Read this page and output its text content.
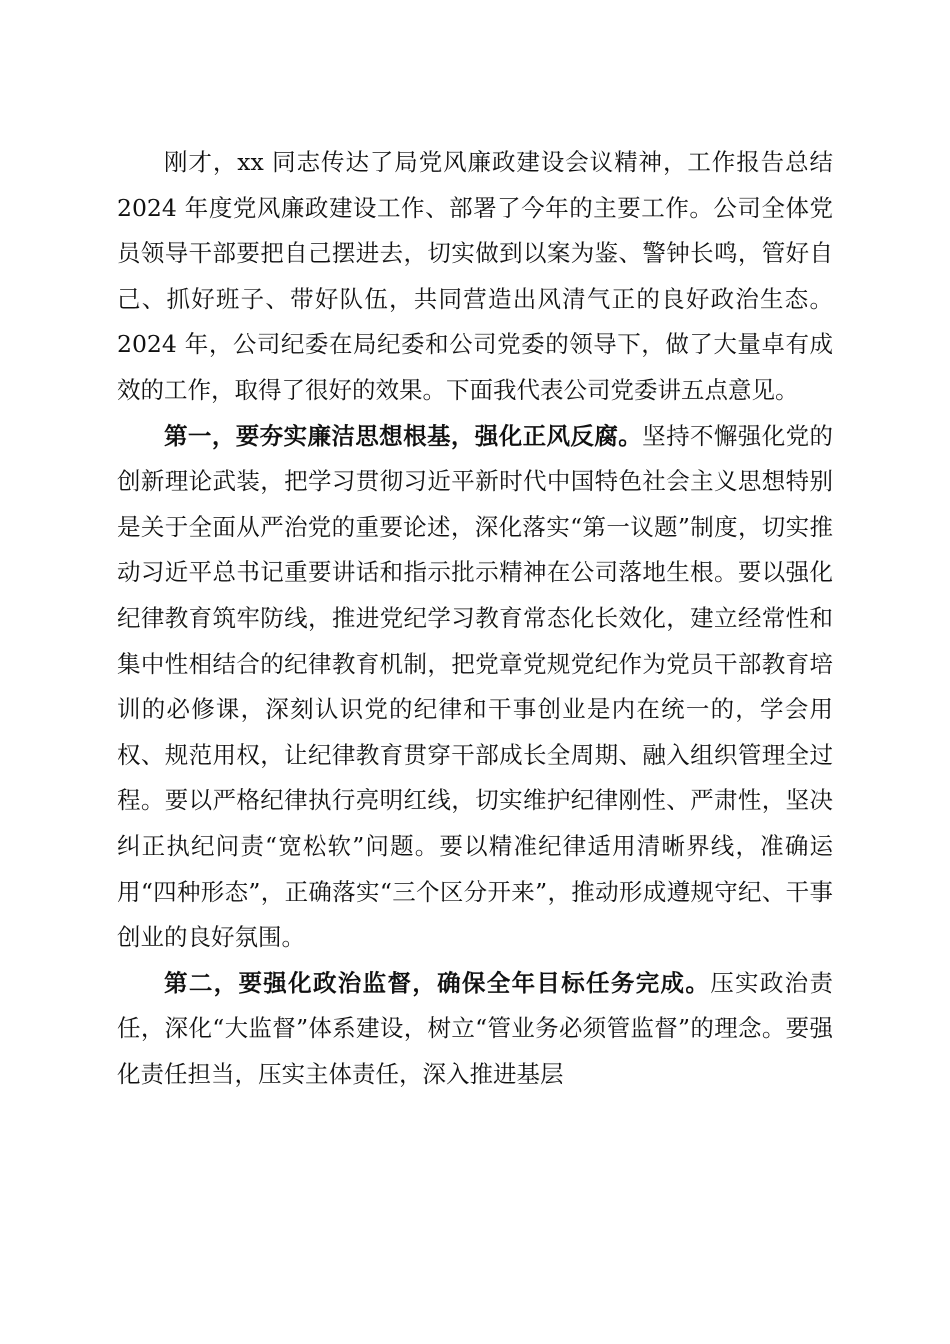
刚才，xx 同志传达了局党风廉政建设会议精神，工作报告总结 2024 年度党风廉政建设工作、部署了今年的主要工作。公司全体党员领导干部要把自己摆进去，切实做到以案为鉴、警钟长鸣，管好自己、抓好班子、带好队伍，共同营造出风清气正的良好政治生态。2024 年，公司纪委在局纪委和公司党委的领导下，做了大量卓有成效的工作，取得了很好的效果。下面我代表公司党委讲五点意见。

第一，要夯实廉洁思想根基，强化正风反腐。坚持不懈强化党的创新理论武装，把学习贯彻习近平新时代中国特色社会主义思想特别是关于全面从严治党的重要论述，深化落实“第一议题”制度，切实推动习近平总书记重要讲话和指示批示精神在公司落地生根。要以强化纪律教育筑牢防线，推进党纪学习教育常态化长效化，建立经常性和集中性相结合的纪律教育机制，把党章党规党纪作为党员干部教育培训的必修课，深刻认识党的纪律和干事创业是内在统一的，学会用权、规范用权，让纪律教育贯穿干部成长全周期、融入组织管理全过程。要以严格纪律执行亮明红线，切实维护纪律刚性、严肃性，坚决纠正执纪问责“宽松软”问题。要以精准纪律适用清晰界线，准确运用“四种形态”，正确落实“三个区分开来”，推动形成遵规守纪、干事创业的良好氛围。

第二，要强化政治监督，确保全年目标任务完成。压实政治责任，深化“大监督”体系建设，树立“管业务必须管监督”的理念。要强化责任担当，压实主体责任，深入推进基层
